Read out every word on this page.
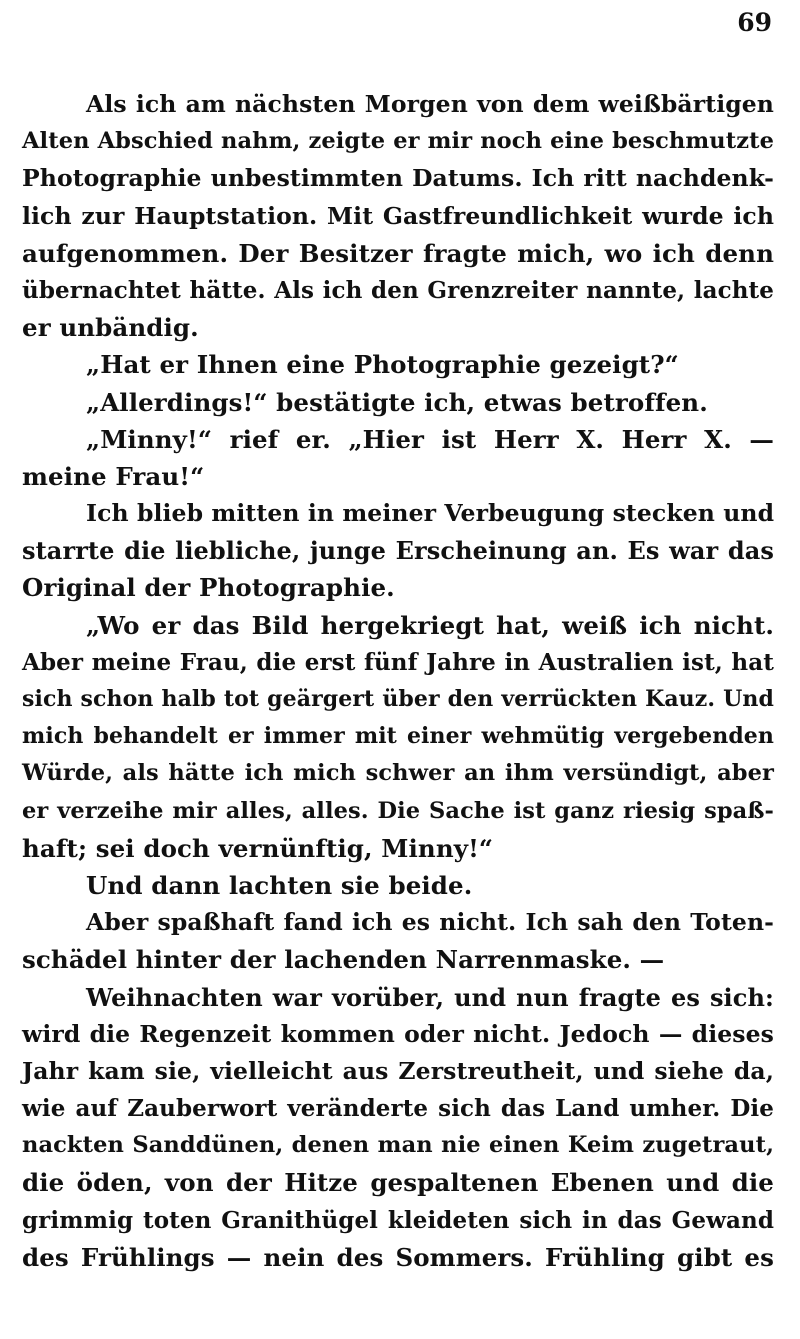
69
Als ich am nächsten Morgen von dem weißbärtigen
Alten Abschied nahm, zeigte er mir noch eine beschmutzte
Photographie unbestimmten Datums. Ich ritt nachdenk-
lich zur Hauptstation. Mit Gastfreundlichkeit wurde ich
aufgenommen. Der Besitzer fragte mich, wo ich denn
übernachtet hätte. Als ich den Grenzreiter nannte, lachte
er unbändig.
„Hat er Ihnen eine Photographie gezeigt?“
„Allerdings!“ bestätigte ich, etwas betroffen.
„Minny!“ rief er. „Hier ist Herr X. Herr X. —
meine Frau!“
Ich blieb mitten in meiner Verbeugung stecken und
starrte die liebliche, junge Erscheinung an. Es war das
Original der Photographie.
„Wo er das Bild hergekriegt hat, weiß ich nicht.
Aber meine Frau, die erst fünf Jahre in Australien ist, hat
sich schon halb tot geärgert über den verrückten Kauz. Und
mich behandelt er immer mit einer wehmütig vergebenden
Würde, als hätte ich mich schwer an ihm versündigt, aber
er verzeihe mir alles, alles. Die Sache ist ganz riesig spaß-
haft; sei doch vernünftig, Minny!“
Und dann lachten sie beide.
Aber spaßhaft fand ich es nicht. Ich sah den Toten-
schädel hinter der lachenden Narrenmaske. —
Weihnachten war vorüber, und nun fragte es sich:
wird die Regenzeit kommen oder nicht. Jedoch — dieses
Jahr kam sie, vielleicht aus Zerstreutheit, und siehe da,
wie auf Zauberwort veränderte sich das Land umher. Die
nackten Sanddünen, denen man nie einen Keim zugetraut,
die öden, von der Hitze gespaltenen Ebenen und die
grimmig toten Granithügel kleideten sich in das Gewand
des Frühlings — nein des Sommers. Frühling gibt es
